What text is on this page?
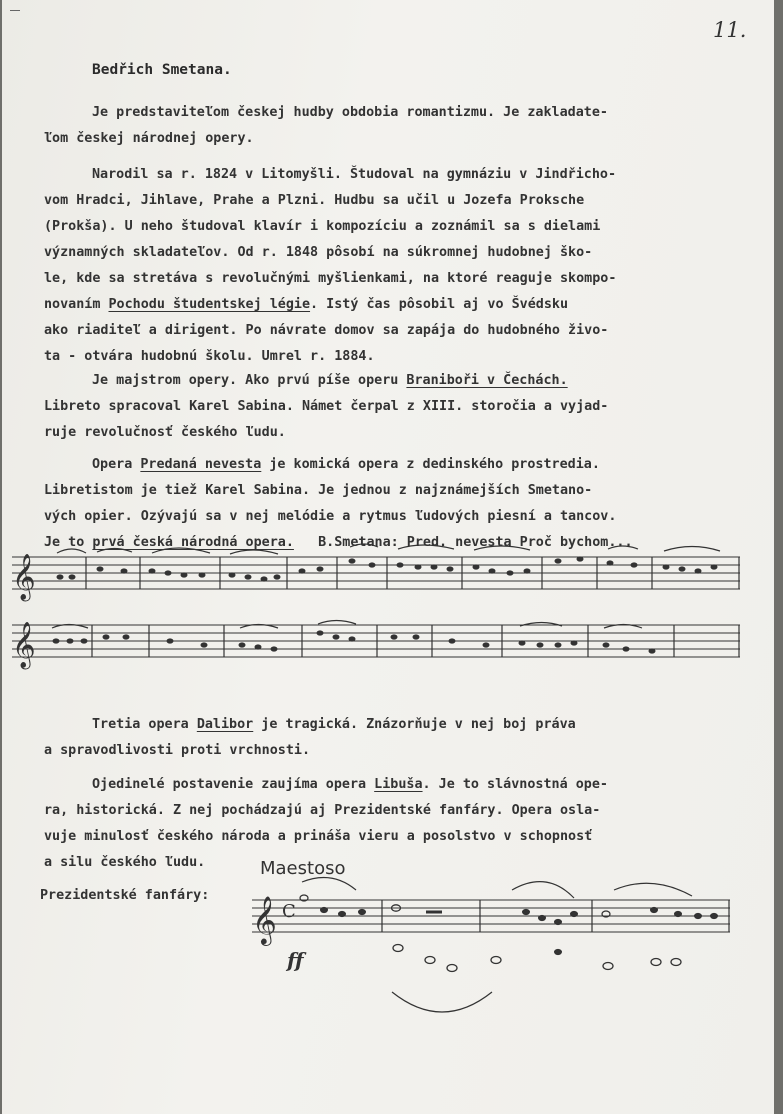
11.
Bedřich Smetana.
Je predstaviteľom českej hudby obdobia romantizmu. Je zakladate-
ľom českej národnej opery.
Narodil sa r. 1824 v Litomyšli. Študoval na gymnáziu v Jindřicho-
vom Hradci, Jihlave, Prahe a Plzni. Hudbu sa učil u Jozefa Proksche
(Prokša). U neho študoval klavír i kompozíciu a zoznámil sa s dielami
významných skladateľov. Od r. 1848 pôsobí na súkromnej hudobnej ško-
le, kde sa stretáva s revolučnými myšlienkami, na ktoré reaguje skompo-
novaním Pochodu študentskej légie. Istý čas pôsobil aj vo Švédsku
ako riaditeľ a dirigent. Po návrate domov sa zapája do hudobného živo-
ta - otvára hudobnú školu. Umrel r. 1884.
Je majstrom opery. Ako prvú píše operu Braniboři v Čechách.
Libreto spracoval Karel Sabina. Námet čerpal z XIII. storočia a vyjad-
ruje revolučnosť českého ľudu.
Opera Predaná nevesta je komická opera z dedinského prostredia.
Libretistom je tiež Karel Sabina. Je jednou z najznámejších Smetano-
vých opier. Ozývajú sa v nej melódie a rytmus ľudových piesní a tancov.
Je to prvá česká národná opera.   B.Smetana: Pred. nevesta Proč bychom...
𝄞
𝄞
Tretia opera Dalibor je tragická. Znázorňuje v nej boj práva
a spravodlivosti proti vrchnosti.
Ojedinelé postavenie zaujíma opera Libuša. Je to slávnostná ope-
ra, historická. Z nej pochádzajú aj Prezidentské fanfáry. Opera osla-
vuje minulosť českého národa a prináša vieru a posolstvo v schopnosť
a silu českého ľudu.	Maestoso
Prezidentské fanfáry:
ff
𝄞 C
